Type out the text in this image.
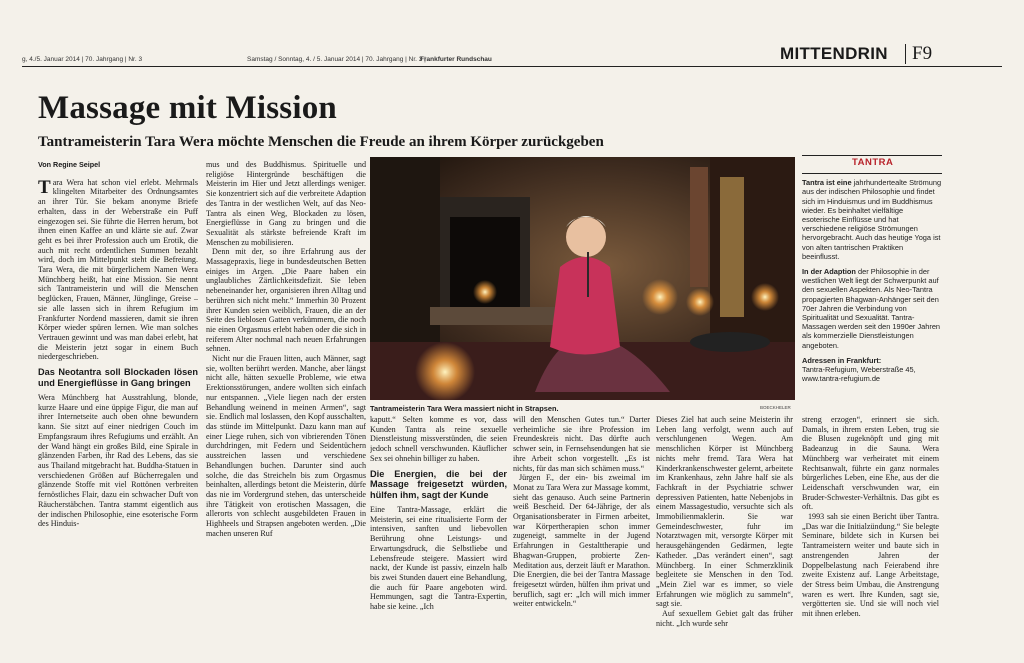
g, 4./5. Januar 2014 | 70. Jahrgang | Nr. 3	Samstag / Sonntag, 4. / 5. Januar 2014 | 70. Jahrgang | Nr. 3 |
Frankfurter Rundschau	MITTENDRIN F9
Massage mit Mission
Tantrameisterin Tara Wera möchte Menschen die Freude an ihrem Körper zurückgeben
Von Regine Seipel

Tara Wera hat schon viel erlebt. Mehrmals klingelten Mitarbeiter des Ordnungsamtes an ihrer Tür. Sie bekam anonyme Briefe erhalten, dass in der Weberstraße ein Puff eingezogen sei. Sie führte die Herren herum, bot ihnen einen Kaffee an und klärte sie auf. Zwar geht es bei ihrer Profession auch um Erotik, die auch mit recht ordentlichen Summen bezahlt wird, doch im Mittelpunkt steht die Befreiung. Tara Wera, die mit bürgerlichem Namen Wera Münchberg heißt, hat eine Mission. Sie nennt sich Tantrameisterin und will die Menschen beglücken, Frauen, Männer, Jünglinge, Greise – sie alle lassen sich in ihrem Refugium im Frankfurter Nordend massieren, damit sie ihren Körper wieder spüren lernen. Wie man solches Vertrauen gewinnt und was man dabei erlebt, hat die Meisterin jetzt sogar in einem Buch niedergeschrieben.

Das Neotantra soll Blockaden lösen und Energieflüsse in Gang bringen

Wera Münchberg hat Ausstrahlung, blonde, kurze Haare und eine üppige Figur, die man auf ihrer Internetseite auch oben ohne bewundern kann. Sie sitzt auf einer niedrigen Couch im Empfangsraum ihres Refugiums und erzählt. An der Wand hängt ein großes Bild, eine Spirale in glänzenden Farben, ihr Rad des Lebens, das sie aus Thailand mitgebracht hat. Buddha-Statuen in verschiedenen Größen auf Bücherregalen und glänzende Stoffe mit viel Rottönen verbreiten fernöstliches Flair, dazu ein schwacher Duft von Räucherstäbchen. Tantra stammt eigentlich aus der indischen Philosophie, eine esoterische Form des Hinduis-

mus und des Buddhismus. Spirituelle und religiöse Hintergründe beschäftigen die Meisterin im Hier und Jetzt allerdings weniger. Sie konzentriert sich auf die verbreitete Adaption des Tantra in der westlichen Welt, auf das Neo-Tantra als einen Weg, Blockaden zu lösen, Energieflüsse in Gang zu bringen und die Sexualität als stärkste befreiende Kraft im Menschen zu mobilisieren.

Denn mit der, so ihre Erfahrung aus der Massagepraxis, liege in bundesdeutschen Betten einiges im Argen. „Die Paare haben ein unglaubliches Zärtlichkeitsdefizit. Sie leben nebeneinander her, organisieren ihren Alltag und berühren sich nicht mehr.“ Immerhin 30 Prozent ihrer Kunden seien weiblich, Frauen, die an der Seite des lieblosen Gatten verkümmern, die noch nie einen Orgasmus erlebt haben oder die sich in reiferem Alter nochmal nach neuen Erfahrungen sehnen.

Nicht nur die Frauen litten, auch Männer, sagt sie, wollten berührt werden. Manche, aber längst nicht alle, hätten sexuelle Probleme, wie etwa Erektionsstörungen, andere wollten sich einfach nur entspannen. „Viele liegen nach der ersten Behandlung weinend in meinen Armen“, sagt sie. Endlich mal loslassen, den Kopf ausschalten, das stünde im Mittelpunkt. Dazu kann man auf einer Liege ruhen, sich von vibrierenden Tönen durchdringen, mit Federn und Seidentüchern ausstreichen lassen und verschiedene Behandlungen buchen. Darunter sind auch solche, die das Streicheln bis zum Orgasmus beinhalten, allerdings betont die Meisterin, dürfe das nie im Vordergrund stehen, das unterscheide ihre Tätigkeit von erotischen Massagen, die allerorts von schlecht ausgebildeten Frauen in Highheels und Strapsen angeboten werden. „Die machen unseren Ruf

Tantrameisterin Tara Wera massiert nicht in Strapsen.	BOECKHELER

kaputt.“ Selten komme es vor, dass Kunden Tantra als reine sexuelle Dienstleistung missverstünden, die seien jedoch schnell verschwunden. Käuflicher Sex sei ohnehin billiger zu haben.

Die Energien, die bei der Massage freigesetzt würden, hülfen ihm, sagt der Kunde

Eine Tantra-Massage, erklärt die Meisterin, sei eine ritualisierte Form der intensiven, sanften und liebevollen Berührung ohne Leistungs- und Erwartungsdruck, die Selbstliebe und Lebensfreude steigere. Massiert wird nackt, der Kunde ist passiv, einzeln halb bis zwei Stunden dauert eine Behandlung, die auch für Paare angeboten wird. Hemmungen, sagt die Tantra-Expertin, habe sie keine. „Ich

will den Menschen Gutes tun.“ Darter verheimliche sie ihre Profession im Freundeskreis nicht. Das dürfte auch schwer sein, in Fernsehsendungen hat sie ihre Arbeit schon vorgestellt. „Es ist nichts, für das man sich schämen muss.“

Jürgen F., der ein- bis zweimal im Monat zu Tara Wera zur Massage kommt, sieht das genauso. Auch seine Partnerin weiß Bescheid. Der 64-Jährige, der als Organisationsberater in Firmen arbeitet, war Körpertherapien schon immer zugeneigt, sammelte in der Jugend Erfahrungen in Gestalttherapie und Bhagwan-Gruppen, probierte Zen-Meditation aus, derzeit läuft er Marathon. Die Energien, die bei der Tantra Massage freigesetzt würden, hülfen ihm privat und beruflich, sagt er: „Ich will mich immer weiter entwickeln.“

Dieses Ziel hat auch seine Meisterin ihr Leben lang verfolgt, wenn auch auf verschlungenen Wegen. Am menschlichen Körper ist Münchberg nichts mehr fremd. Tara Wera hat Kinderkrankenschwester gelernt, arbeitete im Krankenhaus, zehn Jahre half sie als Fachkraft in der Psychiatrie schwer depressiven Patienten, hatte Nebenjobs in einem Massagestudio, versuchte sich als Immobilienmaklerin. Sie war Gemeindeschwester, fuhr im Notarztwagen mit, versorgte Körper mit herausgehängenden Gedärmen, legte Katheder. „Das verändert einen“, sagt Münchberg. In einer Schmerzklinik begleitete sie Menschen in den Tod. „Mein Ziel war es immer, so viele Erfahrungen wie möglich zu sammeln“, sagt sie.

Auf sexuellem Gebiet galt das früher nicht. „Ich wurde sehr

streng erzogen“, erinnert sie sich. Damals, in ihrem ersten Leben, trug sie die Blusen zugeknöpft und ging mit Badeanzug in die Sauna. Wera Münchberg war verheiratet mit einem Rechtsanwalt, führte ein ganz normales bürgerliches Leben, eine Ehe, aus der die Leidenschaft verschwunden war, ein Bruder-Schwester-Verhältnis. Das gibt es oft.

1993 sah sie einen Bericht über Tantra. „Das war die Initialzündung.“ Sie belegte Seminare, bildete sich in Kursen bei Tantrameistern weiter und baute sich in anstrengenden Jahren der Doppelbelastung nach Feierabend ihre zweite Existenz auf. Lange Arbeitstage, der Stress beim Umbau, die Anstrengung waren es wert. Ihre Kunden, sagt sie, vergötterten sie. Und sie will noch viel mit ihnen erleben.

TANTRA

Tantra ist eine jahrhundertealte Strömung aus der indischen Philosophie und findet sich im Hinduismus und im Buddhismus wieder. Es beinhaltet vielfältige esoterische Einflüsse und hat verschiedene religiöse Strömungen hervorgebracht. Auch das heutige Yoga ist von alten tantrischen Praktiken beeinflusst.

In der Adaption der Philosophie in der westlichen Welt liegt der Schwerpunkt auf den sexuellen Aspekten. Als Neo-Tantra propagierten Bhagwan-Anhänger seit den 70er Jahren die Verbindung von Spiritualität und Sexualität. Tantra-Massagen werden seit den 1990er Jahren als kommerzielle Dienstleistungen angeboten.

Adressen in Frankfurt:

Tantra-Refugium, Weberstraße 45,
www.tantra-refugium.de
